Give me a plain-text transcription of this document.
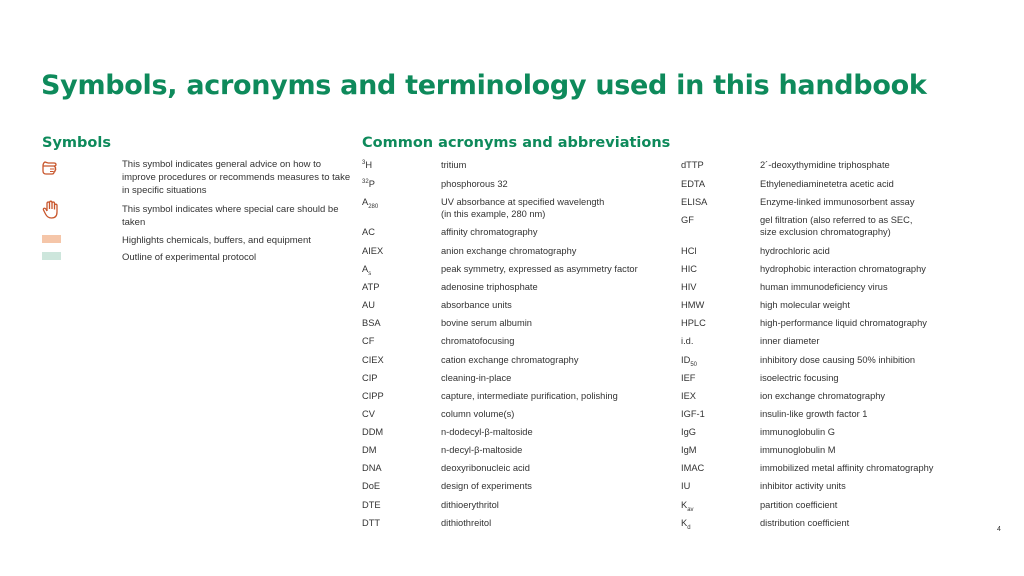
Symbols, acronyms and terminology used in this handbook
Symbols
This symbol indicates general advice on how to improve procedures or recommends measures to take in specific situations
This symbol indicates where special care should be taken
Highlights chemicals, buffers, and equipment
Outline of experimental protocol
Common acronyms and abbreviations
$^3$H	tritium
$^{32}$P	phosphorous 32
$A_{280}$	UV absorbance at specified wavelength
(in this example, 280 nm)
AC	affinity chromatography
AIEX	anion exchange chromatography
$A_s$	peak symmetry, expressed as asymmetry factor
ATP	adenosine triphosphate
AU	absorbance units
BSA	bovine serum albumin
CF	chromatofocusing
CIEX	cation exchange chromatography
CIP	cleaning-in-place
CIPP	capture, intermediate purification, polishing
CV	column volume(s)
DDM	n-dodecyl-β-maltoside
DM	n-decyl-β-maltoside
DNA	deoxyribonucleic acid
DoE	design of experiments
DTE	dithioerythritol
DTT	dithiothreitol
dTTP	2´-deoxythymidine triphosphate
EDTA	Ethylenediaminetetra acetic acid
ELISA	Enzyme-linked immunosorbent assay
GF	gel filtration (also referred to as SEC,
size exclusion chromatography)
HCl	hydrochloric acid
HIC	hydrophobic interaction chromatography
HIV	human immunodeficiency virus
HMW	high molecular weight
HPLC	high-performance liquid chromatography
i.d.	inner diameter
$ID_{50}$	inhibitory dose causing 50% inhibition
IEF	isoelectric focusing
IEX	ion exchange chromatography
IGF-1	insulin-like growth factor 1
IgG	immunoglobulin G
IgM	immunoglobulin M
IMAC	immobilized metal affinity chromatography
IU	inhibitor activity units
$K_{av}$	partition coefficient
$K_d$	distribution coefficient
4
